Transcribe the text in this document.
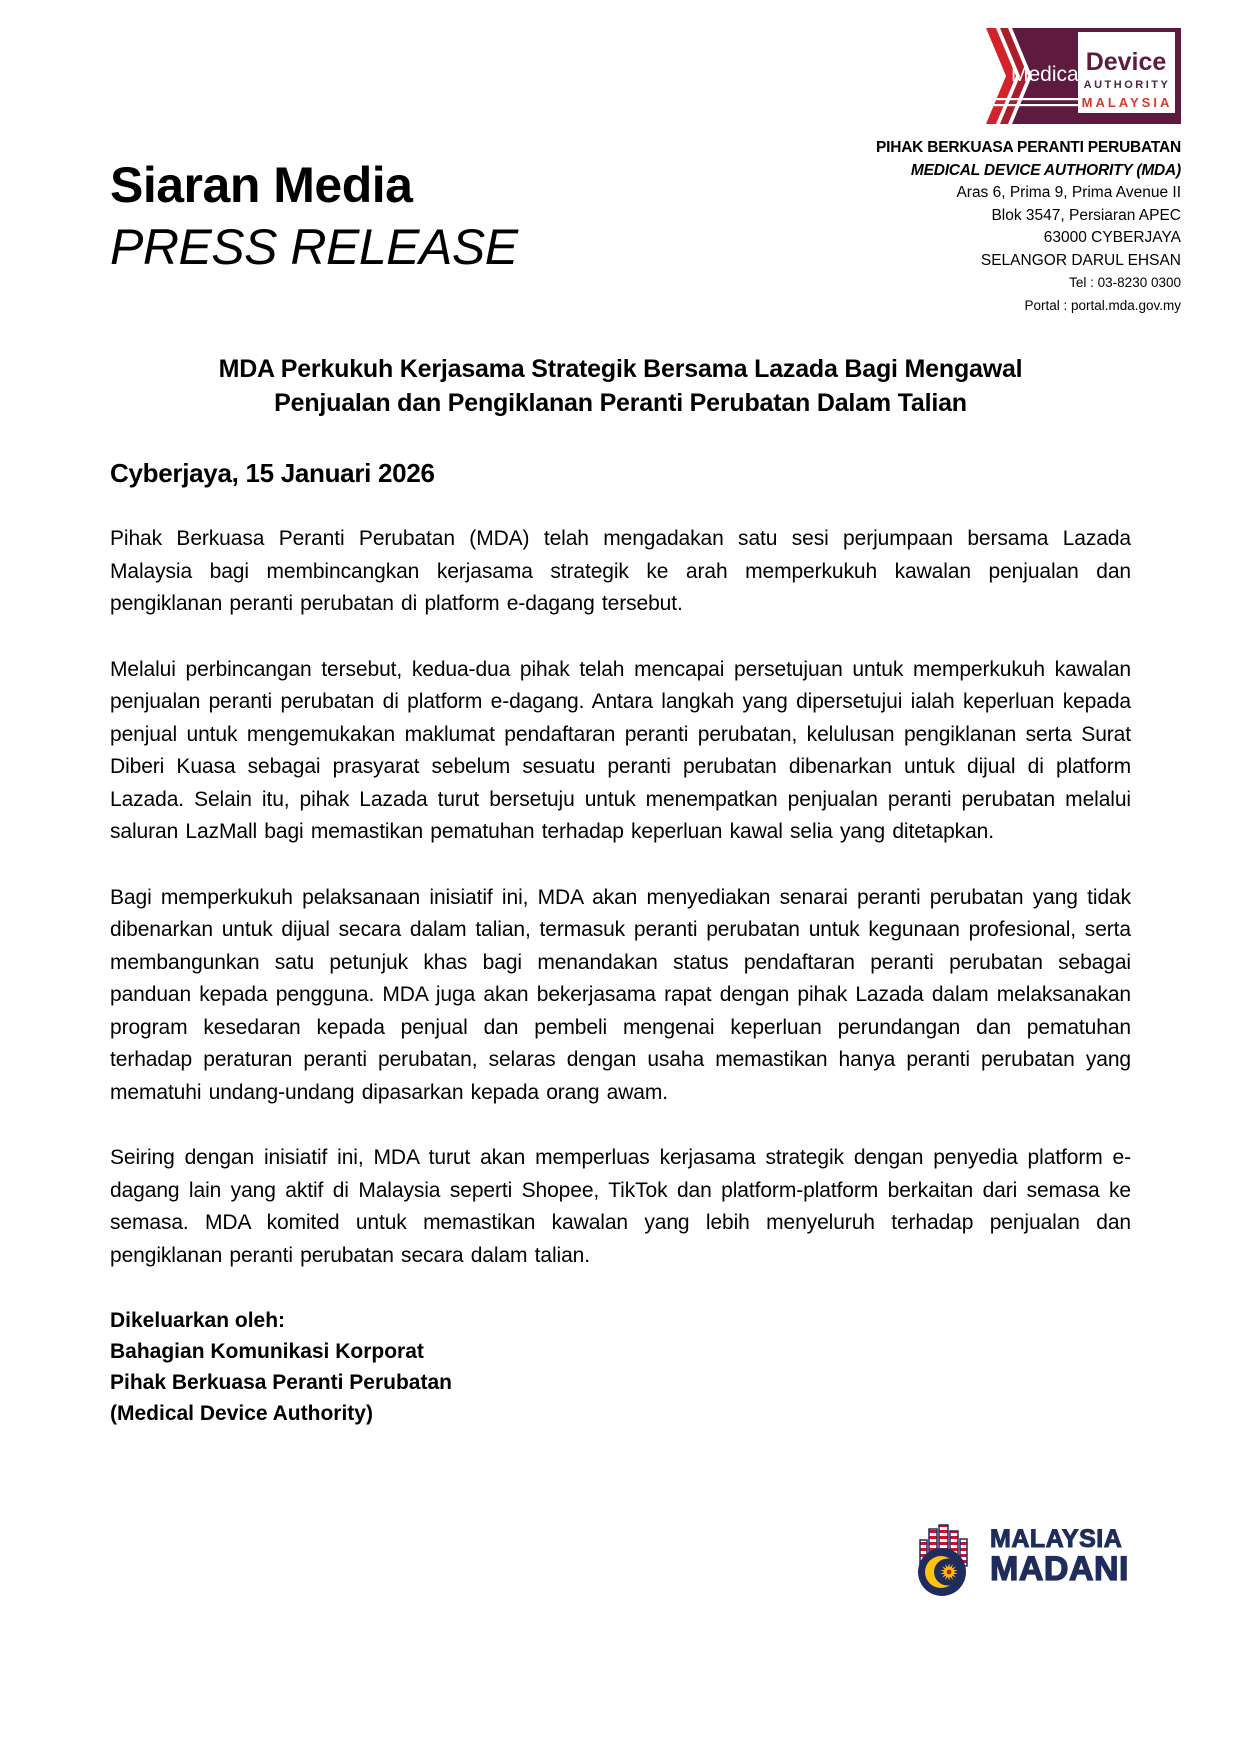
Siaran Media
PRESS RELEASE
Medical Device
AUTHORITY
MALAYSIA
PIHAK BERKUASA PERANTI PERUBATAN
MEDICAL DEVICE AUTHORITY (MDA)
Aras 6, Prima 9, Prima Avenue II
Blok 3547, Persiaran APEC
63000 CYBERJAYA
SELANGOR DARUL EHSAN
Tel : 03-8230 0300
Portal : portal.mda.gov.my
MDA Perkukuh Kerjasama Strategik Bersama Lazada Bagi Mengawal Penjualan dan Pengiklanan Peranti Perubatan Dalam Talian
Cyberjaya, 15 Januari 2026

Pihak Berkuasa Peranti Perubatan (MDA) telah mengadakan satu sesi perjumpaan bersama Lazada Malaysia bagi membincangkan kerjasama strategik ke arah memperkukuh kawalan penjualan dan pengiklanan peranti perubatan di platform e-dagang tersebut.

Melalui perbincangan tersebut, kedua-dua pihak telah mencapai persetujuan untuk memperkukuh kawalan penjualan peranti perubatan di platform e-dagang. Antara langkah yang dipersetujui ialah keperluan kepada penjual untuk mengemukakan maklumat pendaftaran peranti perubatan, kelulusan pengiklanan serta Surat Diberi Kuasa sebagai prasyarat sebelum sesuatu peranti perubatan dibenarkan untuk dijual di platform Lazada. Selain itu, pihak Lazada turut bersetuju untuk menempatkan penjualan peranti perubatan melalui saluran LazMall bagi memastikan pematuhan terhadap keperluan kawal selia yang ditetapkan.

Bagi memperkukuh pelaksanaan inisiatif ini, MDA akan menyediakan senarai peranti perubatan yang tidak dibenarkan untuk dijual secara dalam talian, termasuk peranti perubatan untuk kegunaan profesional, serta membangunkan satu petunjuk khas bagi menandakan status pendaftaran peranti perubatan sebagai panduan kepada pengguna. MDA juga akan bekerjasama rapat dengan pihak Lazada dalam melaksanakan program kesedaran kepada penjual dan pembeli mengenai keperluan perundangan dan pematuhan terhadap peraturan peranti perubatan, selaras dengan usaha memastikan hanya peranti perubatan yang mematuhi undang-undang dipasarkan kepada orang awam.

Seiring dengan inisiatif ini, MDA turut akan memperluas kerjasama strategik dengan penyedia platform e-dagang lain yang aktif di Malaysia seperti Shopee, TikTok dan platform-platform berkaitan dari semasa ke semasa. MDA komited untuk memastikan kawalan yang lebih menyeluruh terhadap penjualan dan pengiklanan peranti perubatan secara dalam talian.

Dikeluarkan oleh:
Bahagian Komunikasi Korporat
Pihak Berkuasa Peranti Perubatan
(Medical Device Authority)
MALAYSIA
MADANI
